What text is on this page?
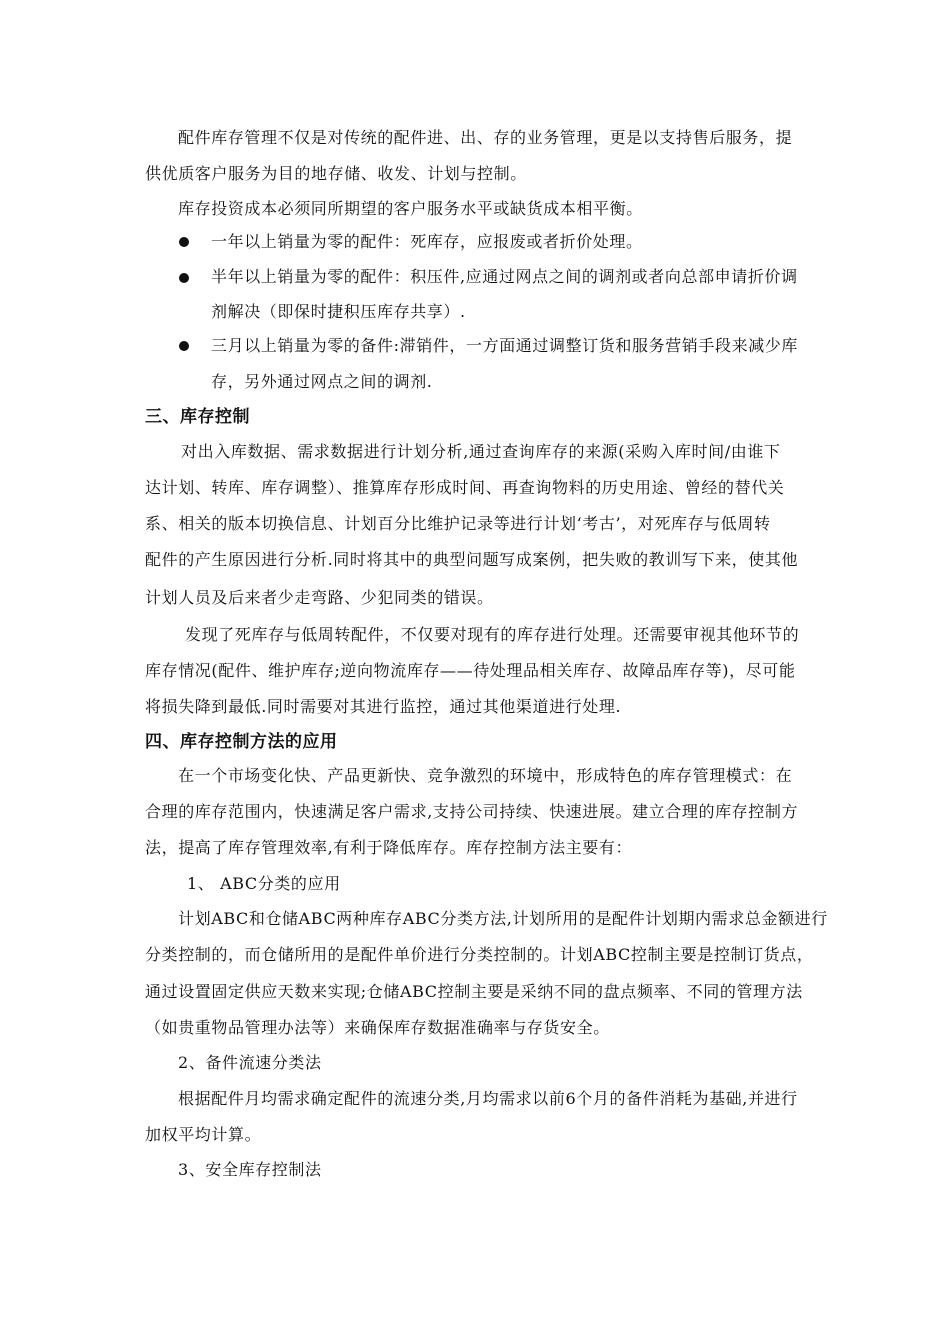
配件库存管理不仅是对传统的配件进、出、存的业务管理，更是以支持售后服务，提
供优质客户服务为目的地存储、收发、计划与控制。
库存投资成本必须同所期望的客户服务水平或缺货成本相平衡。
一年以上销量为零的配件：死库存，应报废或者折价处理。
半年以上销量为零的配件：积压件,应通过网点之间的调剂或者向总部申请折价调
剂解决（即保时捷积压库存共享）.
三月以上销量为零的备件:滞销件，一方面通过调整订货和服务营销手段来减少库
存，另外通过网点之间的调剂.
三、库存控制
对出入库数据、需求数据进行计划分析,通过查询库存的来源(采购入库时间/由谁下
达计划、转库、库存调整）、推算库存形成时间、再查询物料的历史用途、曾经的替代关
系、相关的版本切换信息、计划百分比维护记录等进行计划‘考古’，对死库存与低周转
配件的产生原因进行分析.同时将其中的典型问题写成案例，把失败的教训写下来，使其他
计划人员及后来者少走弯路、少犯同类的错误。
发现了死库存与低周转配件，不仅要对现有的库存进行处理。还需要审视其他环节的
库存情况(配件、维护库存;逆向物流库存——待处理品相关库存、故障品库存等)，尽可能
将损失降到最低.同时需要对其进行监控，通过其他渠道进行处理.
四、库存控制方法的应用
在一个市场变化快、产品更新快、竞争激烈的环境中，形成特色的库存管理模式：在
合理的库存范围内，快速满足客户需求,支持公司持续、快速进展。建立合理的库存控制方
法，提高了库存管理效率,有利于降低库存。库存控制方法主要有：
1、 ABC分类的应用
计划ABC和仓储ABC两种库存ABC分类方法,计划所用的是配件计划期内需求总金额进行
分类控制的，而仓储所用的是配件单价进行分类控制的。计划ABC控制主要是控制订货点，
通过设置固定供应天数来实现;仓储ABC控制主要是采纳不同的盘点频率、不同的管理方法
（如贵重物品管理办法等）来确保库存数据准确率与存货安全。
2、备件流速分类法
根据配件月均需求确定配件的流速分类,月均需求以前6个月的备件消耗为基础,并进行
加权平均计算。
3、安全库存控制法
